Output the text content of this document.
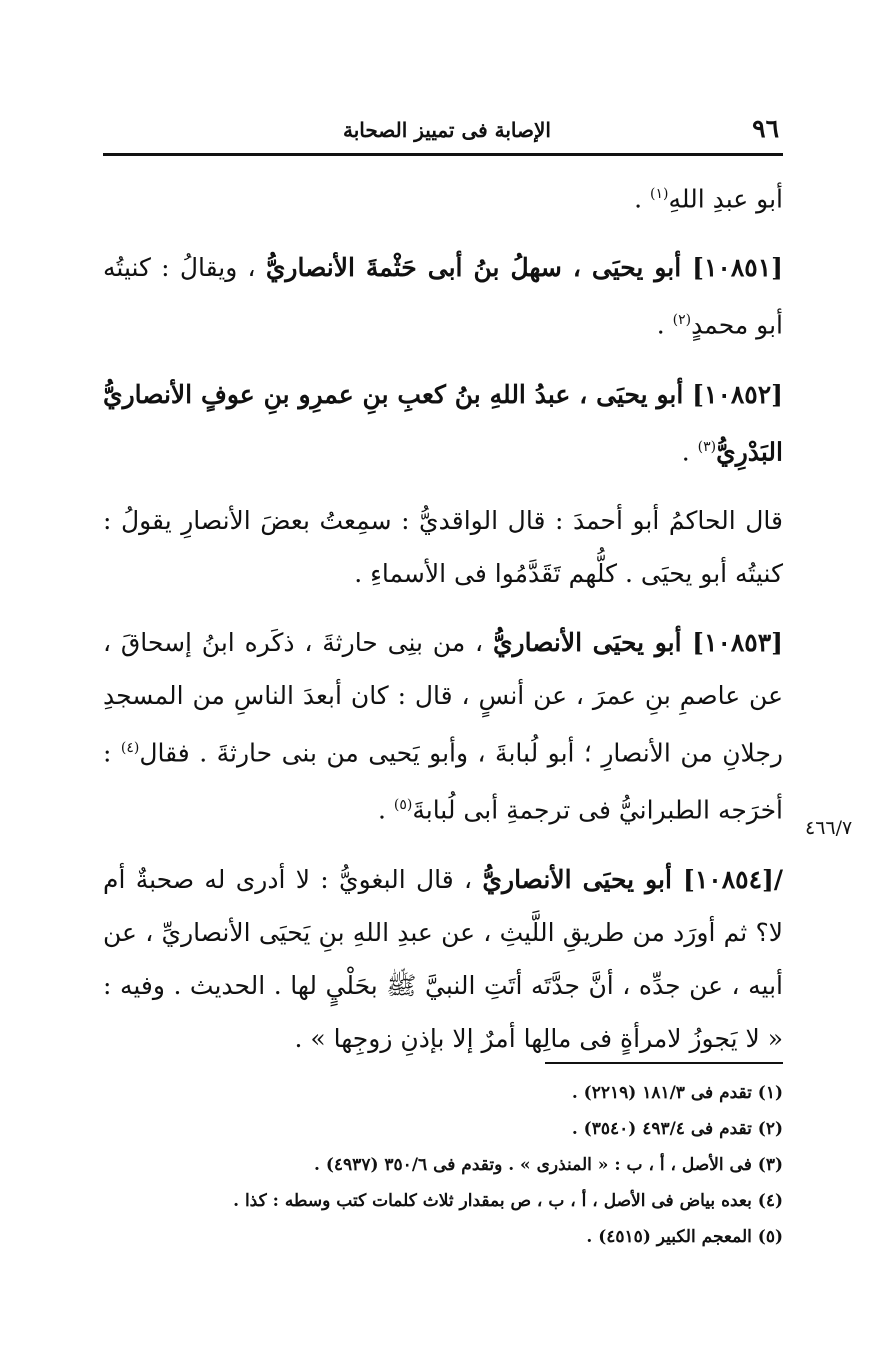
٩٦
الإصابة فى تمييز الصحابة

أبو عبدِ اللهِ$^{(١)}$ .

[١٠٨٥١] أبو يحيَى ، سهلُ بنُ أبى حَثْمةَ الأنصاريُّ ، ويقالُ : كنيتُه أبو محمدٍ$^{(٢)}$ .

[١٠٨٥٢] أبو يحيَى ، عبدُ اللهِ بنُ كعبِ بنِ عمرِو بنِ عوفٍ الأنصاريُّ البَدْرِيُّ$^{(٣)}$ .

قال الحاكمُ أبو أحمدَ : قال الواقديُّ : سمِعتُ بعضَ الأنصارِ يقولُ : كنيتُه أبو يحيَى . كلُّهم تَقَدَّمُوا فى الأسماءِ .

[١٠٨٥٣] أبو يحيَى الأنصاريُّ ، من بنِى حارثةَ ، ذكَره ابنُ إسحاقَ ، عن عاصمِ بنِ عمرَ ، عن أنسٍ ، قال : كان أبعدَ الناسِ من المسجدِ رجلانِ من الأنصارِ ؛ أبو لُبابةَ ، وأبو يَحيى من بنى حارثةَ . فقال$^{(٤)}$ : أخرَجه الطبرانيُّ فى ترجمةِ أبى لُبابةَ$^{(٥)}$ .

/[١٠٨٥٤] أبو يحيَى الأنصاريُّ ، قال البغويُّ : لا أدرى له صحبةٌ أم لا؟ ثم أورَد من طريقِ اللَّيثِ ، عن عبدِ اللهِ بنِ يَحيَى الأنصاريِّ ، عن أبيه ، عن جدِّه ، أنَّ جدَّتَه أتَتِ النبيَّ ﷺ بحَلْيٍ لها . الحديث . وفيه : « لا يَجوزُ لامرأةٍ فى مالِها أمرٌ إلا بإذنِ زوجِها » .

٤٦٦/٧
(١) تقدم فى ١٨١/٣ (٢٢١٩) .
(٢) تقدم فى ٤٩٣/٤ (٣٥٤٠) .
(٣) فى الأصل ، أ ، ب : « المنذرى » . وتقدم فى ٣٥٠/٦ (٤٩٣٧) .
(٤) بعده بياض فى الأصل ، أ ، ب ، ص بمقدار ثلاث كلمات كتب وسطه : كذا .
(٥) المعجم الكبير (٤٥١٥) .
